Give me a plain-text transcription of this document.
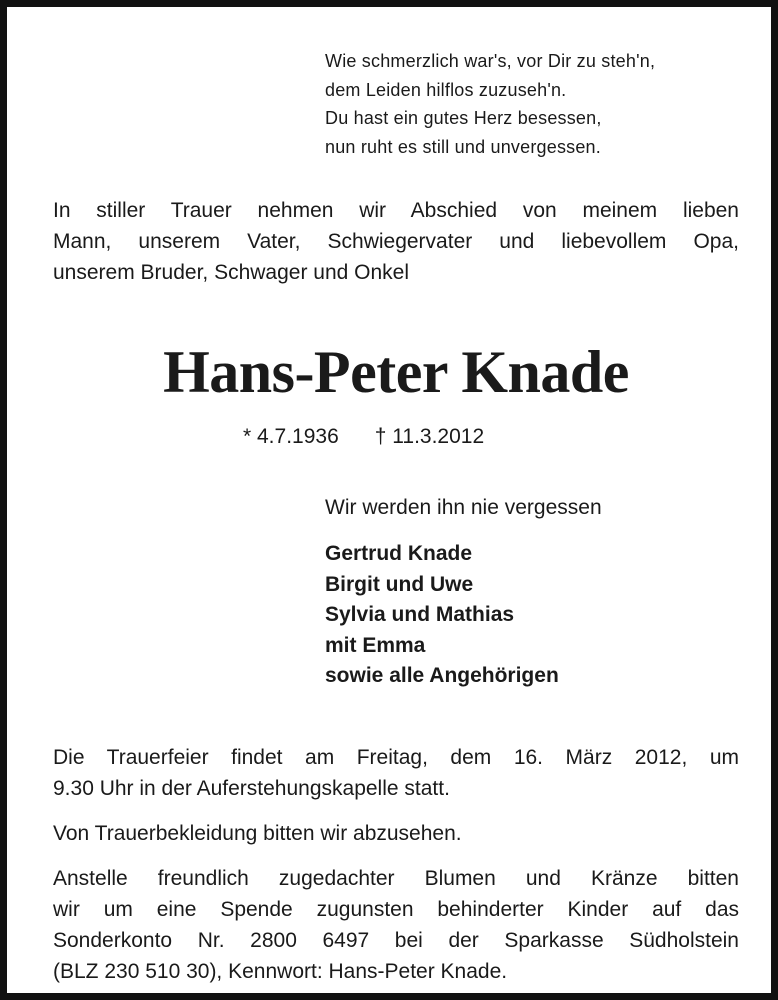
Wie schmerzlich war's, vor Dir zu steh'n,
dem Leiden hilflos zuzuseh'n.
Du hast ein gutes Herz besessen,
nun ruht es still und unvergessen.
In stiller Trauer nehmen wir Abschied von meinem lieben
Mann, unserem Vater, Schwiegervater und liebevollem Opa,
unserem Bruder, Schwager und Onkel
Hans-Peter Knade
* 4.7.1936 † 11.3.2012
Wir werden ihn nie vergessen
Gertrud Knade
Birgit und Uwe
Sylvia und Mathias
mit Emma
sowie alle Angehörigen
Die Trauerfeier findet am Freitag, dem 16. März 2012, um
9.30 Uhr in der Auferstehungskapelle statt.
Von Trauerbekleidung bitten wir abzusehen.
Anstelle freundlich zugedachter Blumen und Kränze bitten
wir um eine Spende zugunsten behinderter Kinder auf das
Sonderkonto Nr. 2800 6497 bei der Sparkasse Südholstein
(BLZ 230 510 30), Kennwort: Hans-Peter Knade.
